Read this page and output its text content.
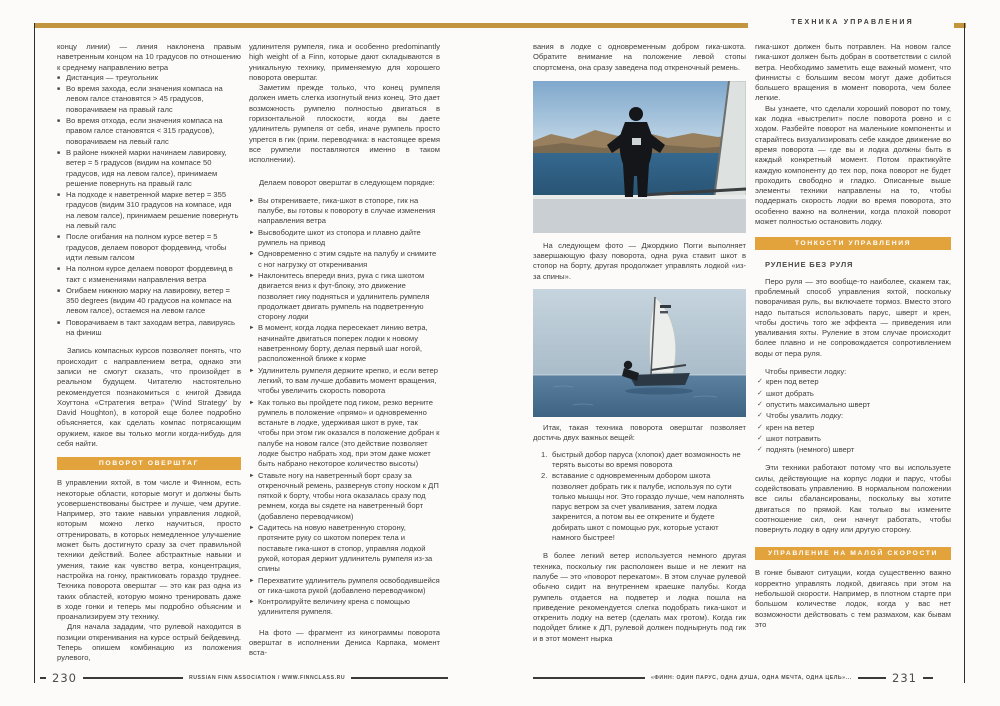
ТЕХНИКА УПРАВЛЕНИЯ

концу линии) — линия наклонена правым наветренным концом на 10 градусов по отношению к среднему направлению ветра

■ Дистанция — треугольник
■ Во время захода, если значения компаса на левом галсе становятся > 45 градусов, поворачиваем на правый галс
■ Во время отхода, если значения компаса на правом галсе становятся < 315 градусов), поворачиваем на левый галс
■ В районе нижней марки начинаем лавировку, ветер = 5 градусов (видим на компасе 50 градусов, идя на левом галсе), принимаем решение повернуть на правый галс
■ На подходе к наветренной марке ветер = 355 градусов (видим 310 градусов на компасе, идя на левом галсе), принимаем решение повернуть на левый галс
■ После огибания на полном курсе ветер = 5 градусов, делаем поворот фордевинд, чтобы идти левым галсом
■ На полном курсе делаем поворот фордевинд в такт с изменениями направления ветра
■ Огибаем нижнюю марку на лавировку, ветер = 350 degrees (видим 40 градусов на компасе на левом галсе), остаемся на левом галсе
■ Поворачиваем в такт заходам ветра, лавируясь на финиш

Запись компасных курсов позволяет понять, что происходит с направлением ветра, однако эти записи не смогут сказать, что произойдет в реальном будущем. Читателю настоятельно рекомендуется познакомиться с книгой Дэвида Хоугтона «Стратегия ветра» ('Wind Strategy' by David Houghton), в которой еще более подробно объясняется, как сделать компас потрясающим оружием, какое вы только могли когда-нибудь для себя найти.

ПОВОРОТ ОВЕРШТАГ

В управлении яхтой, в том числе и Финном, есть некоторые области, которые могут и должны быть усовершенствованы быстрее и лучше, чем другие. Например, это такие навыки управления лодкой, которым можно легко научиться, просто оттренировать, в которых немедленное улучшение может быть достигнуто сразу за счет правильной техники действий. Более абстрактные навыки и умения, такие как чувство ветра, концентрация, настройка на гонку, практиковать гораздо труднее. Техника поворота оверштаг — это как раз одна из таких областей, которую можно тренировать даже в ходе гонки и теперь мы подробно объясним и проанализируем эту технику.

Для начала зададим, что рулевой находится в позиции откренивания на курсе острый бейдевинд. Теперь опишем комбинацию из положения рулевого,

удлинителя румпеля, гика и особенно predominantly high weight of a Finn, которые дают складываются в уникальную технику, применяемую для хорошего поворота оверштаг.

Заметим прежде только, что конец румпеля должен иметь слегка изогнутый вниз конец. Это дает возможность румпелю полностью двигаться в горизонтальной плоскости, когда вы даете удлинитель румпеля от себя, иначе румпель просто упрется в гик (прим. переводчика: в настоящее время все румпели поставляются именно в таком исполнении).

Делаем поворот оверштаг в следующем порядке:

► Вы открениваете, гика-шкот в стопоре, гик на палубе, вы готовы к повороту в случае изменения направления ветра
► Высвободите шкот из стопора и плавно дайте румпель на привод
► Одновременно с этим сядьте на палубу и снимите с ног нагрузку от откренивания
► Наклонитесь впереди вниз, рука с гика шкотом двигается вниз к фут-блоку, это движение позволяет гику подняться и удлинитель румпеля продолжает двигать румпель на подветренную сторону лодки
► В момент, когда лодка пересекает линию ветра, начинайте двигаться поперек лодки к новому наветренному борту, делая первый шаг ногой, расположенной ближе к корме
► Удлинитель румпеля держите крепко, и если ветер легкий, то вам лучше добавить момент вращения, чтобы увеличить скорость поворота
► Как только вы пройдете под гиком, резко верните румпель в положение «прямо» и одновременно встаньте в лодке, удерживая шкот в руке, так чтобы при этом гик оказался в положение добран к палубе на новом галсе (это действие позволяет лодке быстро набрать ход, при этом даже может быть набрано некоторое количество высоты)
► Ставьте ногу на наветренный борт сразу за откреночный ремень, развернув стопу носком к ДП пяткой к борту, чтобы нога оказалась сразу под ремнем, когда вы сядете на наветренный борт (добавлено переводчиком)
► Садитесь на новую наветренную сторону, протяните руку со шкотом поперек тела и поставьте гика-шкот в стопор, управляя лодкой рукой, которая держит удлинитель румпеля из-за спины
► Перехватите удлинитель румпеля освободившейся от гика-шкота рукой (добавлено переводчиком)
► Контролируйте величину крена с помощью удлинителя румпеля.

На фото — фрагмент из кинограммы поворота оверштаг в исполнении Дениса Карпака, момент вста-

вания в лодке с одновременным добром гика-шкота. Обратите внимание на положение левой стопы спортсмена, она сразу заведена под откреночный ремень.

На следующем фото — Джорджио Погги выполняет завершающую фазу поворота, одна рука ставит шкот в стопор на борту, другая продолжает управлять лодкой «из-за спины».

Итак, такая техника поворота оверштаг позволяет достичь двух важных вещей:

1. быстрый добор паруса (хлопок) дает возможность не терять высоты во время поворота
2. вставание с одновременным добором шкота позволяет добрать гик к палубе, используя по сути только мышцы ног. Это гораздо лучше, чем наполнять парус ветром за счет уваливания, затем лодка закренится, а потом вы ее открените и будете добирать шкот с помощью рук, которые устают намного быстрее!

В более легкий ветер используется немного другая техника, поскольку гик расположен выше и не лежит на палубе — это «поворот перекатом». В этом случае рулевой обычно сидит на внутреннем краешке палубы. Когда румпель отдается на подветер и лодка пошла на приведение рекомендуется слегка подобрать гика-шкот и откренить лодку на ветер (сделать мах гротом). Когда гик подойдет ближе к ДП, рулевой должен поднырнуть под гик и в этот момент нырка

гика-шкот должен быть потравлен. На новом галсе гика-шкот должен быть добран в соответствии с силой ветра. Необходимо заметить еще важный момент, что финнисты с большим весом могут даже добиться большего вращения в момент поворота, чем более легкие.

Вы узнаете, что сделали хороший поворот по тому, как лодка «выстрелит» после поворота ровно и с ходом. Разбейте поворот на маленькие компоненты и старайтесь визуализировать себе каждое движение во время поворота — где вы и лодка должны быть в каждый конкретный момент. Потом практикуйте каждую компоненту до тех пор, пока поворот не будет проходить свободно и гладко. Описанные выше элементы техники направлены на то, чтобы поддержать скорость лодки во время поворота, это особенно важно на волнении, когда плохой поворот может полностью остановить лодку.

ТОНКОСТИ УПРАВЛЕНИЯ

РУЛЕНИЕ БЕЗ РУЛЯ

Перо руля — это вообще-то наиболее, скажем так, проблемный способ управления яхтой, поскольку поворачивая руль, вы включаете тормоз. Вместо этого надо пытаться использовать парус, шверт и крен, чтобы достичь того же эффекта — приведения или уваливания яхты. Руление в этом случае происходит более плавно и не сопровождается сопротивлением воды от пера руля.

Чтобы привести лодку:

✓ крен под ветер
✓ шкот добрать
✓ опустить максимально шверт
✓ Чтобы увалить лодку:
✓ крен на ветер
✓ шкот потравить
✓ поднять (немного) шверт

Эти техники работают потому что вы используете силы, действующие на корпус лодки и парус, чтобы содействовать управлению. В нормальном положении все силы сбалансированы, поскольку вы хотите двигаться по прямой. Как только вы измените соотношение сил, они начнут работать, чтобы повернуть лодку в одну или другую сторону.

УПРАВЛЕНИЕ НА МАЛОЙ СКОРОСТИ

В гонке бывают ситуации, когда существенно важно корректно управлять лодкой, двигаясь при этом на небольшой скорости. Например, в плотном старте при большом количестве лодок, когда у вас нет возможности действовать с тем размахом, как бывам это

230	RUSSIAN FINN ASSOCIATION / WWW.FINNCLASS.RU	«ФИНН: ОДИН ПАРУС, ОДНА ДУША, ОДНА МЕЧТА, ОДНА ЦЕЛЬ»...	231
